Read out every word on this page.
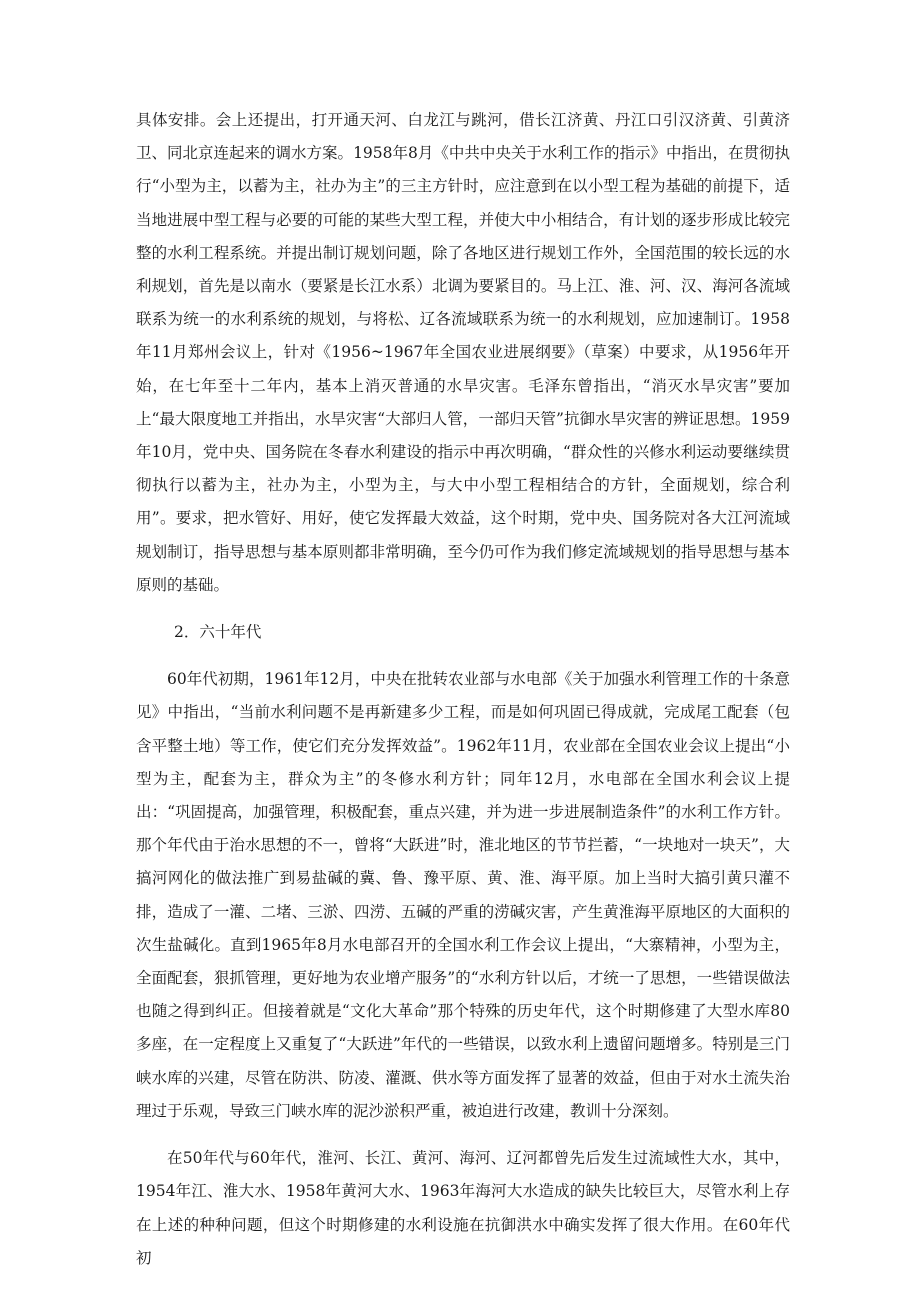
具体安排。会上还提出，打开通天河、白龙江与跳河，借长江济黄、丹江口引汉济黄、引黄济卫、同北京连起来的调水方案。1958年8月《中共中央关于水利工作的指示》中指出，在贯彻执行“小型为主，以蓄为主，社办为主”的三主方针时，应注意到在以小型工程为基础的前提下，适当地进展中型工程与必要的可能的某些大型工程，并使大中小相结合，有计划的逐步形成比较完整的水利工程系统。并提出制订规划问题，除了各地区进行规划工作外，全国范围的较长远的水利规划，首先是以南水（要紧是长江水系）北调为要紧目的。马上江、淮、河、汉、海河各流域联系为统一的水利系统的规划，与将松、辽各流域联系为统一的水利规划，应加速制订。1958年11月郑州会议上，针对《1956~1967年全国农业进展纲要》（草案）中要求，从1956年开始，在七年至十二年内，基本上消灭普通的水旱灾害。毛泽东曾指出，“消灭水旱灾害”要加上“最大限度地工并指出，水旱灾害“大部归人管，一部归天管”抗御水旱灾害的辨证思想。1959年10月，党中央、国务院在冬春水利建设的指示中再次明确，“群众性的兴修水利运动要继续贯彻执行以蓄为主，社办为主，小型为主，与大中小型工程相结合的方针，全面规划，综合利用”。要求，把水管好、用好，使它发挥最大效益，这个时期，党中央、国务院对各大江河流域规划制订，指导思想与基本原则都非常明确，至今仍可作为我们修定流域规划的指导思想与基本原则的基础。

2．六十年代

60年代初期，1961年12月，中央在批转农业部与水电部《关于加强水利管理工作的十条意见》中指出，“当前水利问题不是再新建多少工程，而是如何巩固已得成就，完成尾工配套（包含平整土地）等工作，使它们充分发挥效益”。1962年11月，农业部在全国农业会议上提出“小型为主，配套为主，群众为主”的冬修水利方针；同年12月，水电部在全国水利会议上提出：“巩固提高，加强管理，积极配套，重点兴建，并为进一步进展制造条件”的水利工作方针。那个年代由于治水思想的不一，曾将“大跃进”时，淮北地区的节节拦蓄，“一块地对一块天”，大搞河网化的做法推广到易盐碱的冀、鲁、豫平原、黄、淮、海平原。加上当时大搞引黄只灌不排，造成了一灌、二堵、三淤、四涝、五碱的严重的涝碱灾害，产生黄淮海平原地区的大面积的次生盐碱化。直到1965年8月水电部召开的全国水利工作会议上提出，“大寨精神，小型为主，全面配套，狠抓管理，更好地为农业增产服务”的“水利方针以后，才统一了思想，一些错误做法也随之得到纠正。但接着就是“文化大革命”那个特殊的历史年代，这个时期修建了大型水库80多座，在一定程度上又重复了“大跃进”年代的一些错误，以致水利上遗留问题增多。特别是三门峡水库的兴建，尽管在防洪、防凌、灌溉、供水等方面发挥了显著的效益，但由于对水土流失治理过于乐观，导致三门峡水库的泥沙淤积严重，被迫进行改建，教训十分深刻。

在50年代与60年代，淮河、长江、黄河、海河、辽河都曾先后发生过流域性大水，其中，1954年江、淮大水、1958年黄河大水、1963年海河大水造成的缺失比较巨大，尽管水利上存在上述的种种问题，但这个时期修建的水利设施在抗御洪水中确实发挥了很大作用。在60年代初
